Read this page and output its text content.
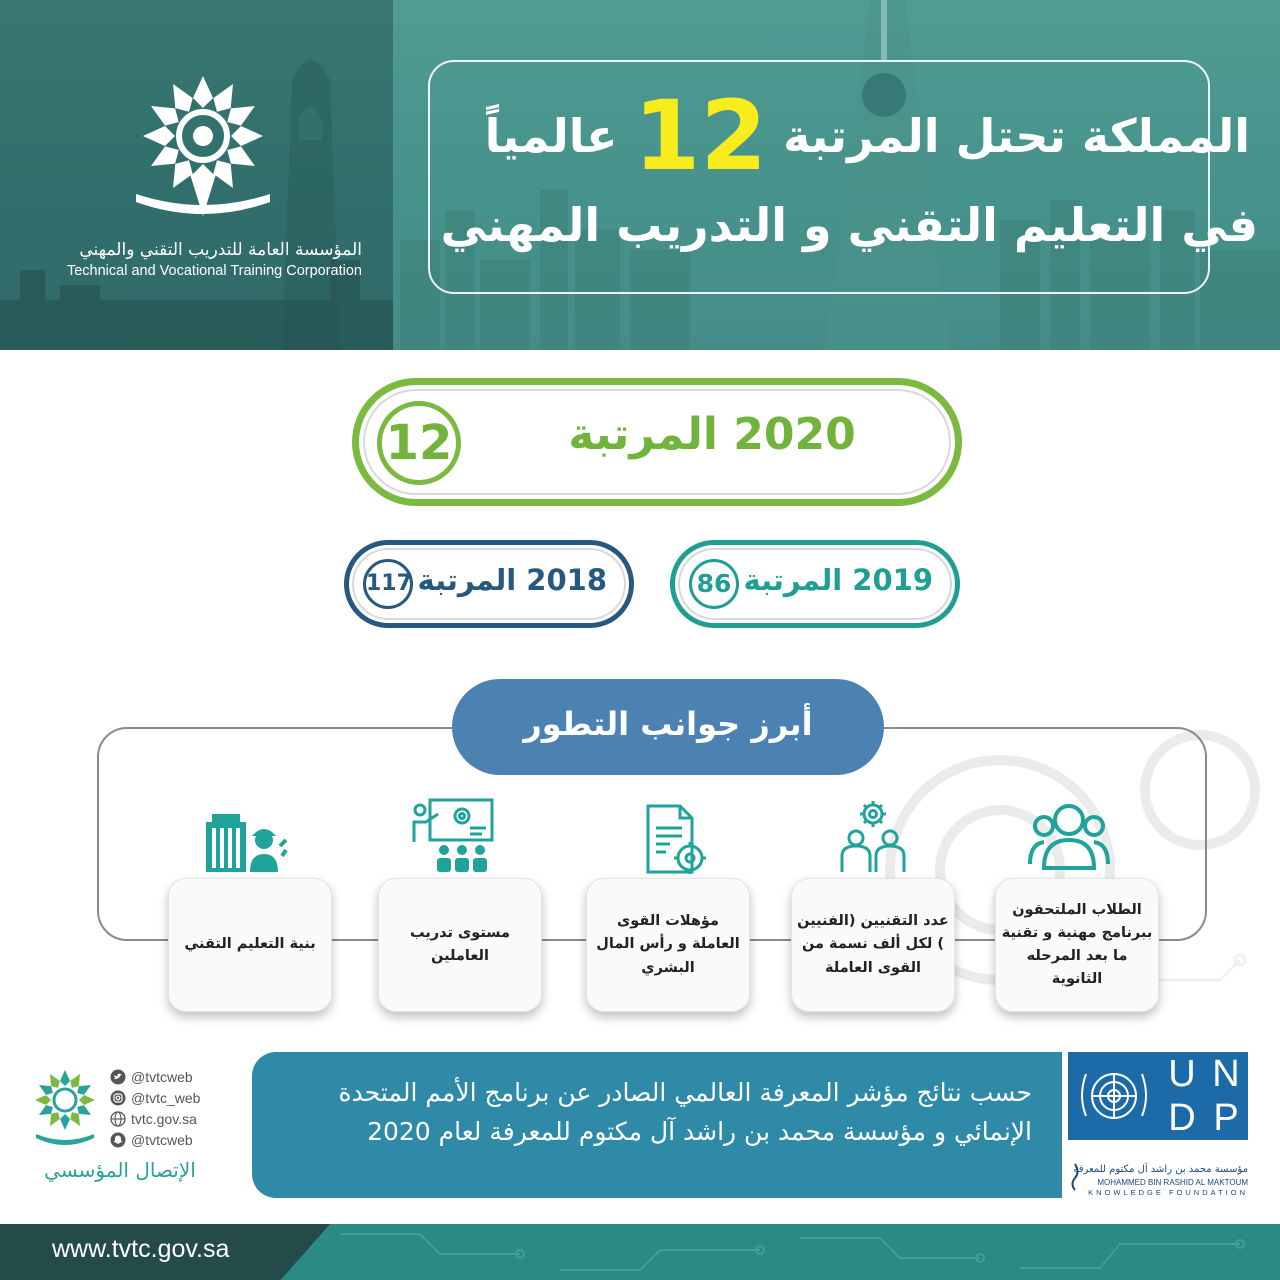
المؤسسة العامة للتدريب التقني والمهني
Technical and Vocational Training Corporation
المملكة تحتل المرتبة 12 عالمياً
في التعليم التقني و التدريب المهني
12	2020 المرتبة
86 2019 المرتبة
117 2018 المرتبة
أبرز جوانب التطور
الطلاب الملتحقون ببرنامج مهنية و تقنية ما بعد المرحله الثانوية
عدد التقنيين (الفنيين ) لكل ألف نسمة من القوى العاملة
مؤهلات القوى العاملة و رأس المال البشري
مستوى تدريب العاملين
بنية التعليم التقني
حسب نتائج مؤشر المعرفة العالمي الصادر عن برنامج الأمم المتحدة الإنمائي و مؤسسة محمد بن راشد آل مكتوم للمعرفة لعام 2020
U N
D P
مؤسسة محمد بن راشد آل مكتوم للمعرفة
MOHAMMED BIN RASHID AL MAKTOUM
KNOWLEDGE FOUNDATION
@tvtcweb
@tvtc_web
tvtc.gov.sa
@tvtcweb
الإتصال المؤسسي
www.tvtc.gov.sa
